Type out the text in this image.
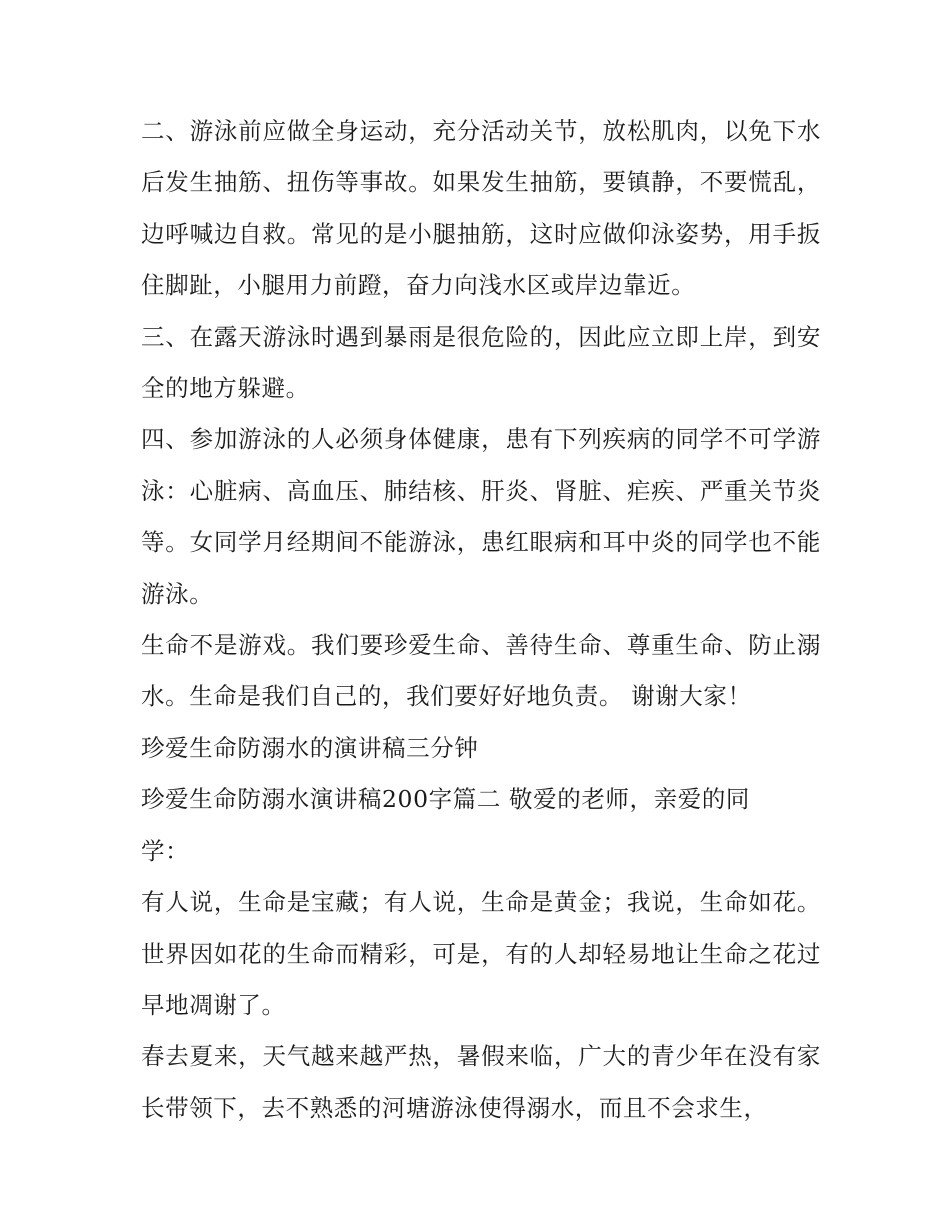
二、游泳前应做全身运动，充分活动关节，放松肌肉，以免下水后发生抽筋、扭伤等事故。如果发生抽筋，要镇静，不要慌乱，边呼喊边自救。常见的是小腿抽筋，这时应做仰泳姿势，用手扳住脚趾，小腿用力前蹬，奋力向浅水区或岸边靠近。

三、在露天游泳时遇到暴雨是很危险的，因此应立即上岸，到安全的地方躲避。

四、参加游泳的人必须身体健康，患有下列疾病的同学不可学游泳：心脏病、高血压、肺结核、肝炎、肾脏、疟疾、严重关节炎等。女同学月经期间不能游泳，患红眼病和耳中炎的同学也不能游泳。

生命不是游戏。我们要珍爱生命、善待生命、尊重生命、防止溺水。生命是我们自己的，我们要好好地负责。 谢谢大家！

珍爱生命防溺水的演讲稿三分钟

珍爱生命防溺水演讲稿200字篇二 敬爱的老师，亲爱的同
学：

有人说，生命是宝藏；有人说，生命是黄金；我说，生命如花。世界因如花的生命而精彩，可是，有的人却轻易地让生命之花过早地凋谢了。

春去夏来，天气越来越严热，暑假来临，广大的青少年在没有家长带领下，去不熟悉的河塘游泳使得溺水，而且不会求生，
